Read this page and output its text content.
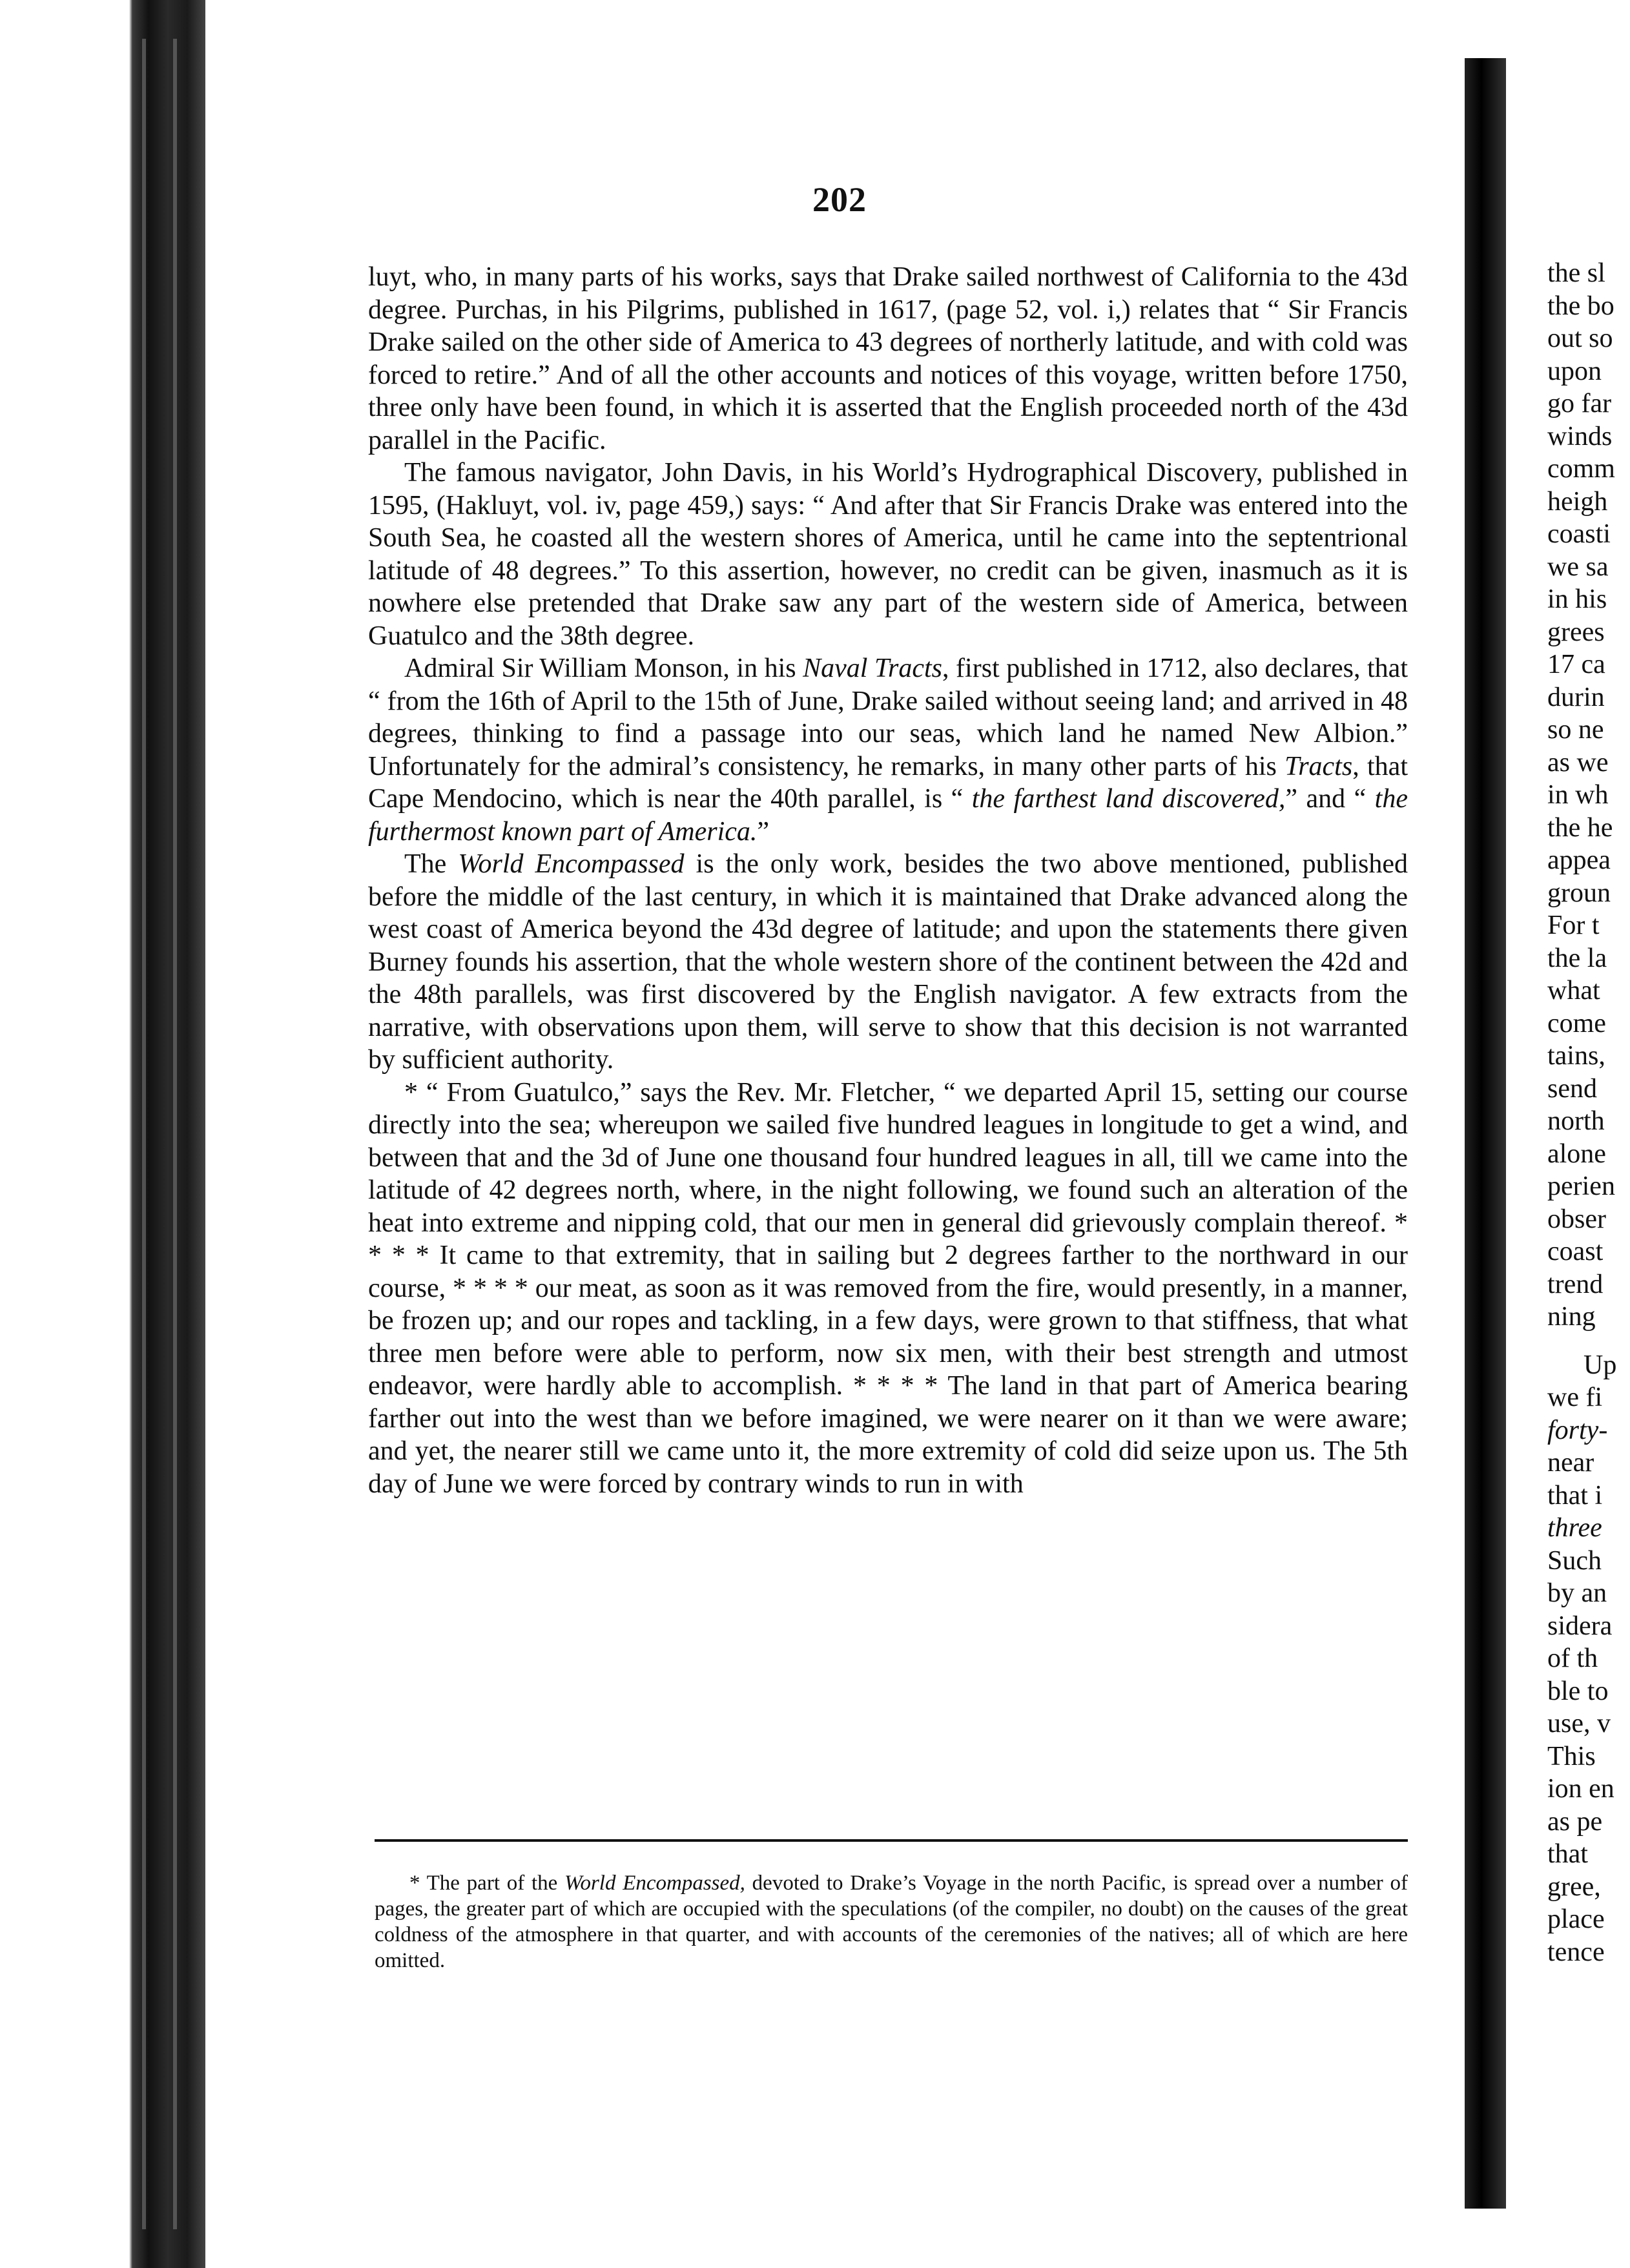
202

luyt, who, in many parts of his works, says that Drake sailed northwest of California to the 43d degree. Purchas, in his Pilgrims, published in 1617, (page 52, vol. i,) relates that “ Sir Francis Drake sailed on the other side of America to 43 degrees of northerly latitude, and with cold was forced to retire.” And of all the other accounts and notices of this voyage, written before 1750, three only have been found, in which it is asserted that the English proceeded north of the 43d parallel in the Pacific.

The famous navigator, John Davis, in his World’s Hydrographical Discovery, published in 1595, (Hakluyt, vol. iv, page 459,) says: “ And after that Sir Francis Drake was entered into the South Sea, he coasted all the western shores of America, until he came into the septentrional latitude of 48 degrees.” To this assertion, however, no credit can be given, inasmuch as it is nowhere else pretended that Drake saw any part of the western side of America, between Guatulco and the 38th degree.

Admiral Sir William Monson, in his Naval Tracts, first published in 1712, also declares, that “ from the 16th of April to the 15th of June, Drake sailed without seeing land; and arrived in 48 degrees, thinking to find a passage into our seas, which land he named New Albion.” Unfortunately for the admiral’s consistency, he remarks, in many other parts of his Tracts, that Cape Mendocino, which is near the 40th parallel, is “ the farthest land discovered,” and “ the furthermost known part of America.”

The World Encompassed is the only work, besides the two above mentioned, published before the middle of the last century, in which it is maintained that Drake advanced along the west coast of America beyond the 43d degree of latitude; and upon the statements there given Burney founds his assertion, that the whole western shore of the continent between the 42d and the 48th parallels, was first discovered by the English navigator. A few extracts from the narrative, with observations upon them, will serve to show that this decision is not warranted by sufficient authority.

* “ From Guatulco,” says the Rev. Mr. Fletcher, “ we departed April 15, setting our course directly into the sea; whereupon we sailed five hundred leagues in longitude to get a wind, and between that and the 3d of June one thousand four hundred leagues in all, till we came into the latitude of 42 degrees north, where, in the night following, we found such an alteration of the heat into extreme and nipping cold, that our men in general did grievously complain thereof. * * * * It came to that extremity, that in sailing but 2 degrees farther to the northward in our course, * * * * our meat, as soon as it was removed from the fire, would presently, in a manner, be frozen up; and our ropes and tackling, in a few days, were grown to that stiffness, that what three men before were able to perform, now six men, with their best strength and utmost endeavor, were hardly able to accomplish. * * * * The land in that part of America bearing farther out into the west than we before imagined, we were nearer on it than we were aware; and yet, the nearer still we came unto it, the more extremity of cold did seize upon us. The 5th day of June we were forced by contrary winds to run in with

* The part of the World Encompassed, devoted to Drake’s Voyage in the north Pacific, is spread over a number of pages, the greater part of which are occupied with the speculations (of the compiler, no doubt) on the causes of the great coldness of the atmosphere in that quarter, and with accounts of the ceremonies of the natives; all of which are here omitted.

the sl
the bo
out so
upon
go far
winds
comm
heigh
coasti
we sa
in his
grees
17 ca
durin
so ne
as we
in wh
the he
appea
groun
For t
the la
what
come
tains,
send
north
alone
perien
obser
coast
trend
ning
Up
we fi
forty-
near
that i
three
Such
by an
sidera
of th
ble to
use, v
This
ion en
as pe
that
gree,
place
tence
